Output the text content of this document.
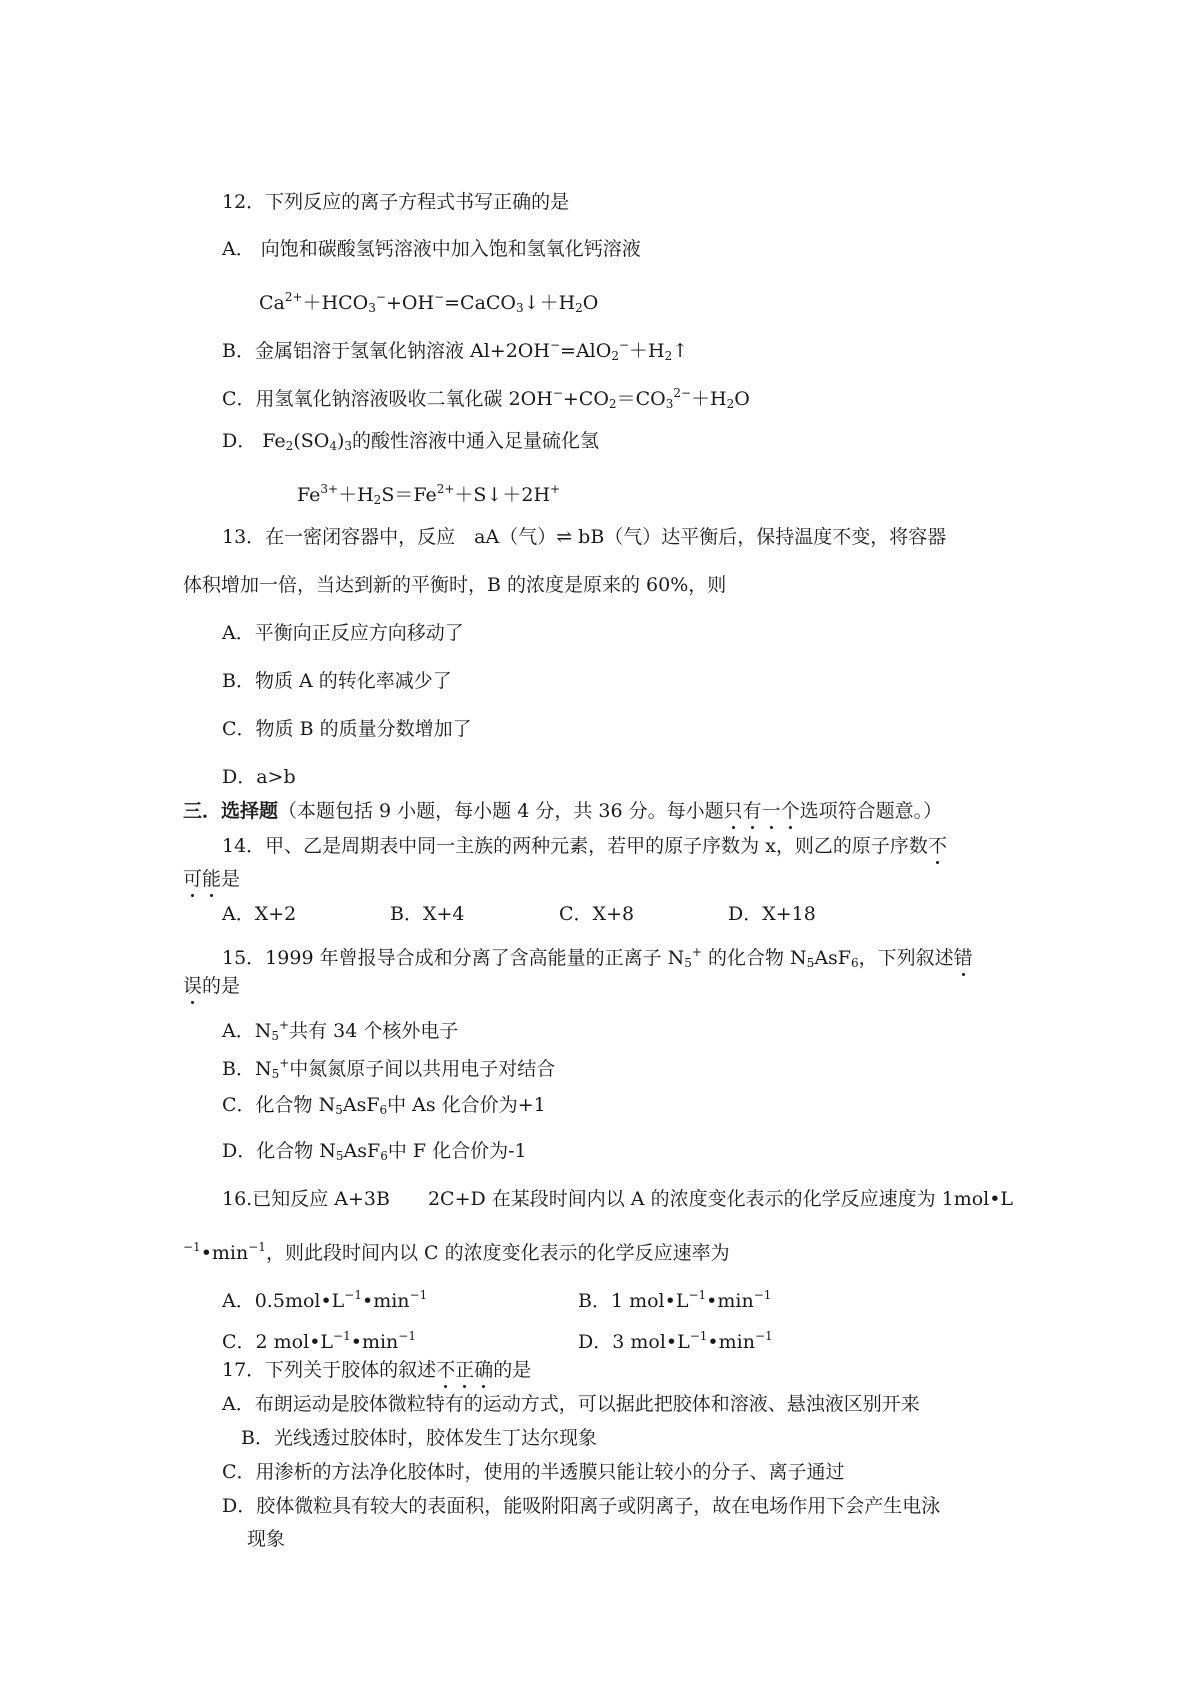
12．下列反应的离子方程式书写正确的是
A． 向饱和碳酸氢钙溶液中加入饱和氢氧化钙溶液
$Ca^{2+}+HCO_3^-+OH^-=CaCO_3↓+H_2O$
B．金属铝溶于氢氧化钠溶液 $Al+2OH^-=AlO_2^-+H_2↑$
C．用氢氧化钠溶液吸收二氧化碳 $2OH^-+CO_2=CO_3^{2-}+H_2O$
D． $Fe_2(SO_4)_3$的酸性溶液中通入足量硫化氢
$Fe^{3+}+H_2S=Fe^{2+}+S↓+2H^+$
13．在一密闭容器中，反应　aA（气）⇌ bB（气）达平衡后，保持温度不变，将容器
体积增加一倍，当达到新的平衡时，B 的浓度是原来的 60%，则
A．平衡向正反应方向移动了
B．物质 A 的转化率减少了
C．物质 B 的质量分数增加了
D．a>b
三．选择题（本题包括 9 小题，每小题 4 分，共 36 分。每小题只有一个选项符合题意。）
14．甲、乙是周期表中同一主族的两种元素，若甲的原子序数为 x，则乙的原子序数不
可能是
A．X+2	B．X+4	C．X+8	D．X+18
15．1999 年曾报导合成和分离了含高能量的正离子 $N_5^+$ 的化合物 $N_5AsF_6$，下列叙述错
误的是
A．$N_5^+$共有 34 个核外电子
B．$N_5^+$中氮氮原子间以共用电子对结合
C．化合物 $N_5AsF_6$中 As 化合价为+1
D．化合物 $N_5AsF_6$中 F 化合价为-1
16.已知反应 A+3B　　2C+D 在某段时间内以 A 的浓度变化表示的化学反应速度为 1mol•L
$^{-1}•\min^{-1}$，则此段时间内以 C 的浓度变化表示的化学反应速率为
A．$0.5mol•L^{-1}•\min^{-1}$	B．1 $mol•L^{-1}•\min^{-1}$
C．2 $mol•L^{-1}•\min^{-1}$	D．3 $mol•L^{-1}•\min^{-1}$
17．下列关于胶体的叙述不正确的是
A．布朗运动是胶体微粒特有的运动方式，可以据此把胶体和溶液、悬浊液区别开来
B．光线透过胶体时，胶体发生丁达尔现象
C．用渗析的方法净化胶体时，使用的半透膜只能让较小的分子、离子通过
D．胶体微粒具有较大的表面积，能吸附阳离子或阴离子，故在电场作用下会产生电泳
现象
